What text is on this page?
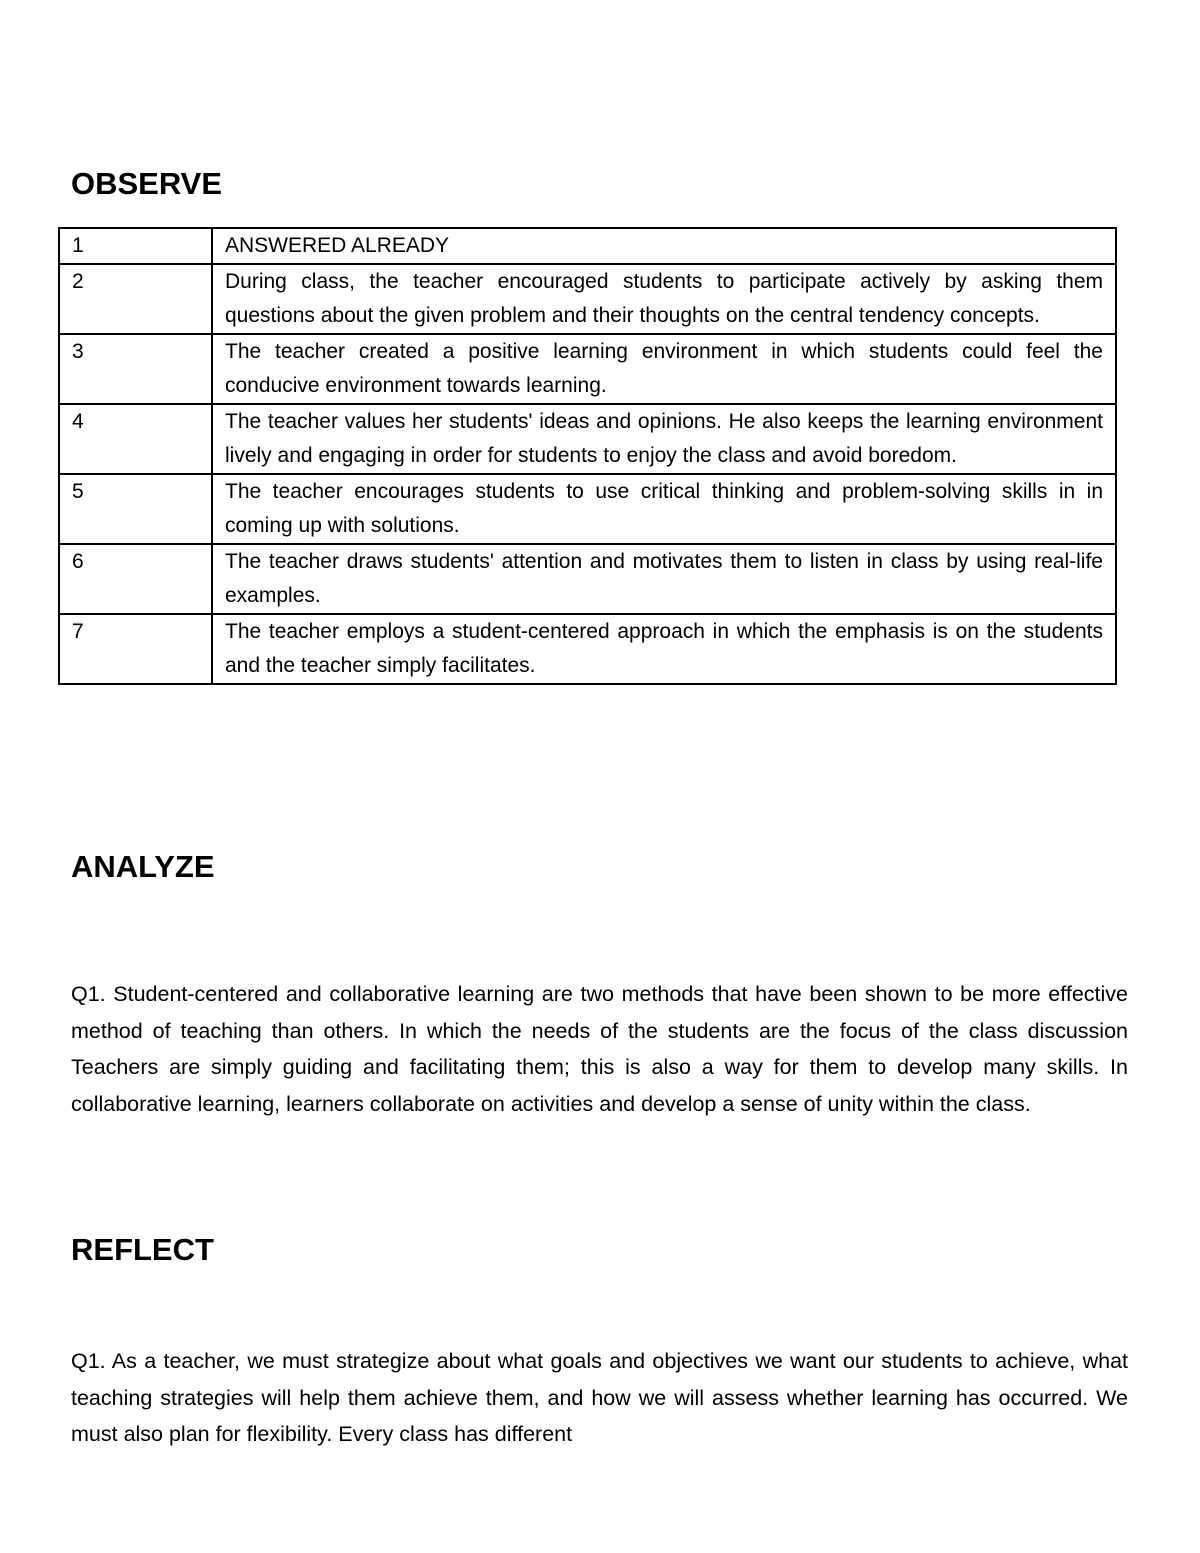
OBSERVE
1	ANSWERED ALREADY
2	During class, the teacher encouraged students to participate actively by asking them questions about the given problem and their thoughts on the central tendency concepts.
3	The teacher created a positive learning environment in which students could feel the conducive environment towards learning.
4	The teacher values her students' ideas and opinions. He also keeps the learning environment lively and engaging in order for students to enjoy the class and avoid boredom.
5	The teacher encourages students to use critical thinking and problem-solving skills in in coming up with solutions.
6	The teacher draws students' attention and motivates them to listen in class by using real-life examples.
7	The teacher employs a student-centered approach in which the emphasis is on the students and the teacher simply facilitates.
ANALYZE

Q1. Student-centered and collaborative learning are two methods that have been shown to be more effective method of teaching than others. In which the needs of the students are the focus of the class discussion Teachers are simply guiding and facilitating them; this is also a way for them to develop many skills. In collaborative learning, learners collaborate on activities and develop a sense of unity within the class.

REFLECT

Q1. As a teacher, we must strategize about what goals and objectives we want our students to achieve, what teaching strategies will help them achieve them, and how we will assess whether learning has occurred. We must also plan for flexibility. Every class has different
